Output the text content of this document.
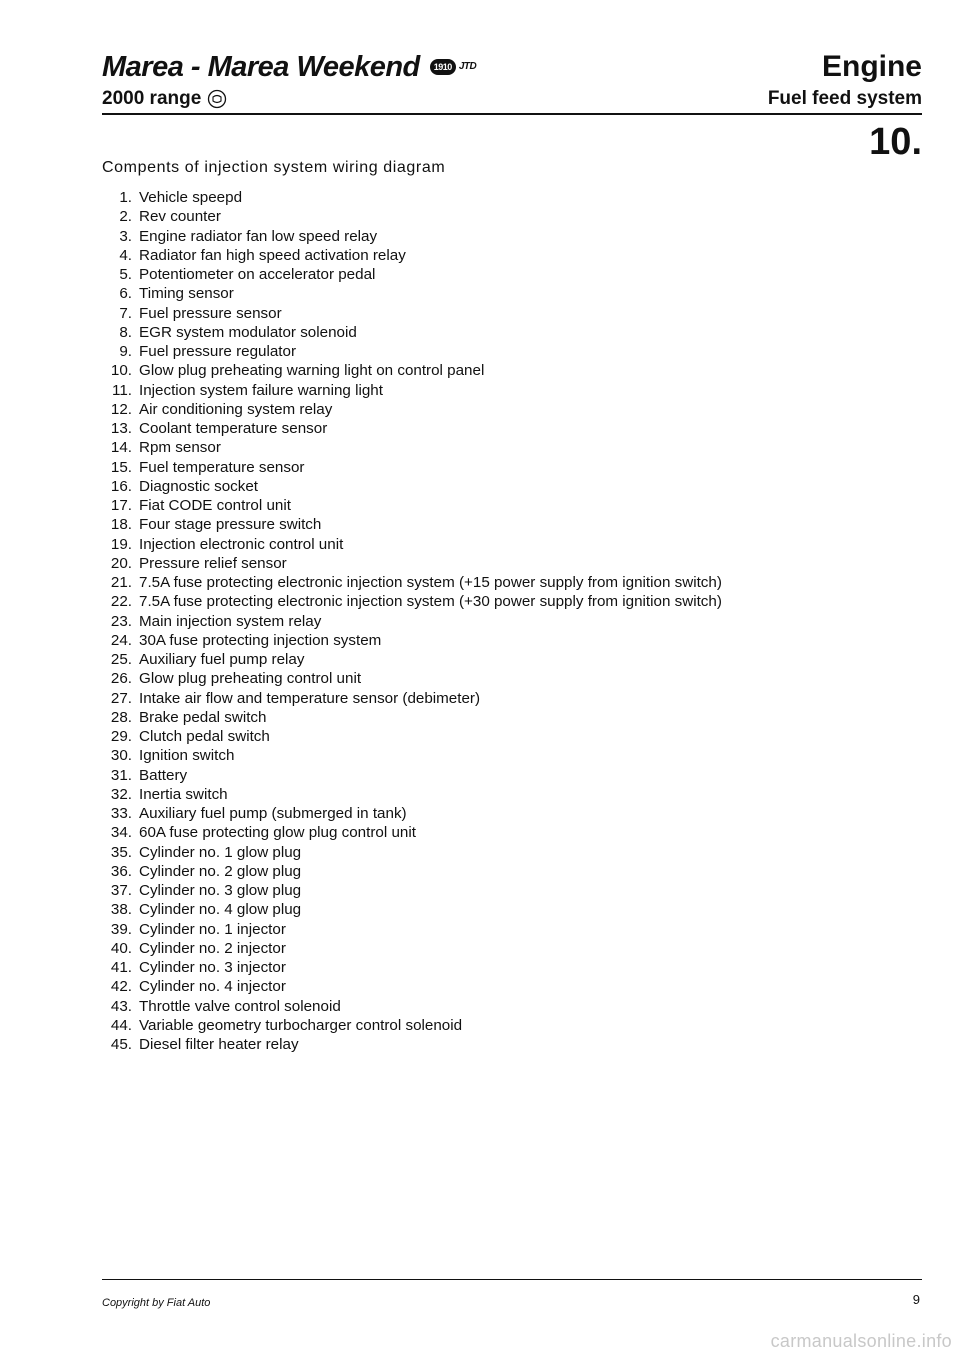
Marea - Marea Weekend	1910 JTD
2000 range
Engine
Fuel feed system
10.
Compents of injection system wiring diagram
1. Vehicle speepd
2. Rev counter
3. Engine radiator fan low speed relay
4. Radiator fan high speed activation relay
5. Potentiometer on accelerator pedal
6. Timing sensor
7. Fuel pressure sensor
8. EGR system modulator solenoid
9. Fuel pressure regulator
10. Glow plug preheating warning light on control panel
11. Injection system failure warning light
12. Air conditioning system relay
13. Coolant temperature sensor
14. Rpm sensor
15. Fuel temperature sensor
16. Diagnostic socket
17. Fiat CODE control unit
18. Four stage pressure switch
19. Injection electronic control unit
20. Pressure relief sensor
21. 7.5A fuse protecting electronic injection system (+15 power supply from ignition switch)
22. 7.5A fuse protecting electronic injection system (+30 power supply from ignition switch)
23. Main injection system relay
24. 30A fuse protecting injection system
25. Auxiliary fuel pump relay
26. Glow plug preheating control unit
27. Intake air flow and temperature sensor (debimeter)
28. Brake pedal switch
29. Clutch pedal switch
30. Ignition switch
31. Battery
32. Inertia switch
33. Auxiliary fuel pump (submerged in tank)
34. 60A fuse protecting glow plug control unit
35. Cylinder no. 1 glow plug
36. Cylinder no. 2 glow plug
37. Cylinder no. 3 glow plug
38. Cylinder no. 4 glow plug
39. Cylinder no. 1 injector
40. Cylinder no. 2 injector
41. Cylinder no. 3 injector
42. Cylinder no. 4 injector
43. Throttle valve control solenoid
44. Variable geometry turbocharger control solenoid
45. Diesel filter heater relay
Copyright by Fiat Auto	9
carmanualsonline.info
